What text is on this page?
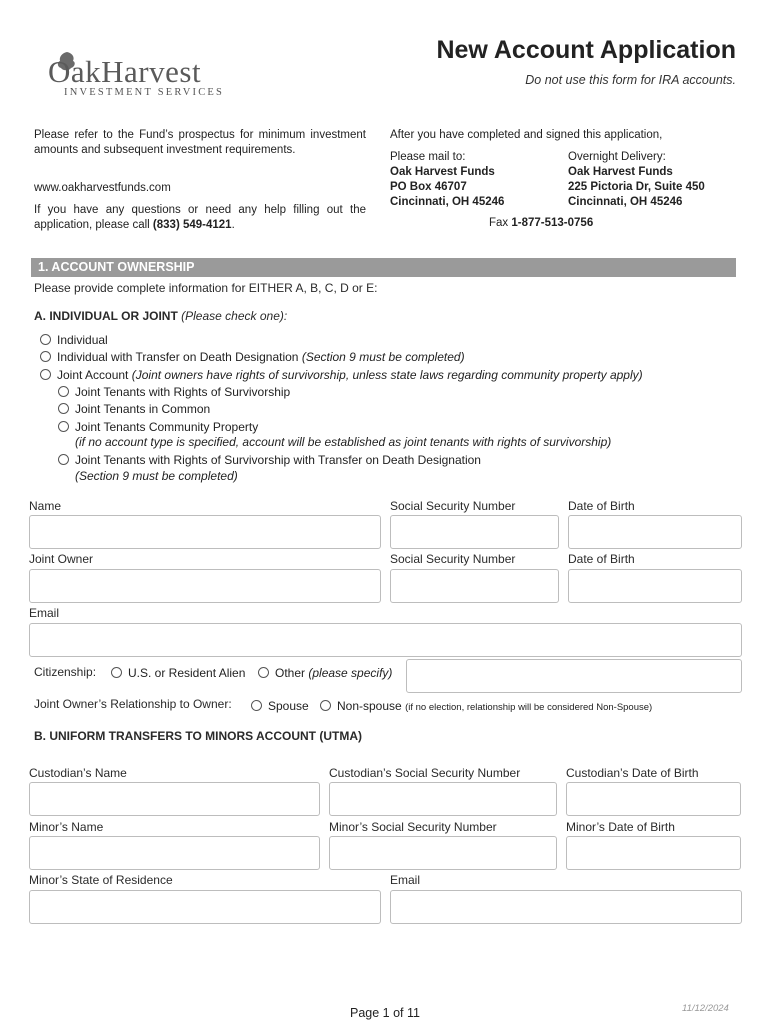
OakHarvest
INVESTMENT SERVICES
New Account Application
Do not use this form for IRA accounts.
Please refer to the Fund’s prospectus for minimum investment amounts and subsequent investment requirements.
www.oakharvestfunds.com
If you have any questions or need any help filling out the application, please call (833) 549-4121.
After you have completed and signed this application,
Please mail to:
Oak Harvest Funds
PO Box 46707
Cincinnati, OH 45246
Overnight Delivery:
Oak Harvest Funds
225 Pictoria Dr, Suite 450
Cincinnati, OH 45246
Fax 1-877-513-0756
1. ACCOUNT OWNERSHIP
Please provide complete information for EITHER A, B, C, D or E:
A. INDIVIDUAL OR JOINT (Please check one):
Individual
Individual with Transfer on Death Designation (Section 9 must be completed)
Joint Account (Joint owners have rights of survivorship, unless state laws regarding community property apply)
Joint Tenants with Rights of Survivorship
Joint Tenants in Common
Joint Tenants Community Property
(if no account type is specified, account will be established as joint tenants with rights of survivorship)
Joint Tenants with Rights of Survivorship with Transfer on Death Designation
(Section 9 must be completed)
Name	Social Security Number	Date of Birth
Joint Owner	Social Security Number	Date of Birth
Email
Citizenship:	U.S. or Resident Alien	Other (please specify)
Joint Owner’s Relationship to Owner:	Spouse	Non-spouse (if no election, relationship will be considered Non-Spouse)
B. UNIFORM TRANSFERS TO MINORS ACCOUNT (UTMA)
Custodian’s Name	Custodian’s Social Security Number	Custodian’s Date of Birth
Minor’s Name	Minor’s Social Security Number	Minor’s Date of Birth
Minor’s State of Residence	Email
Page 1 of 11	11/12/2024
